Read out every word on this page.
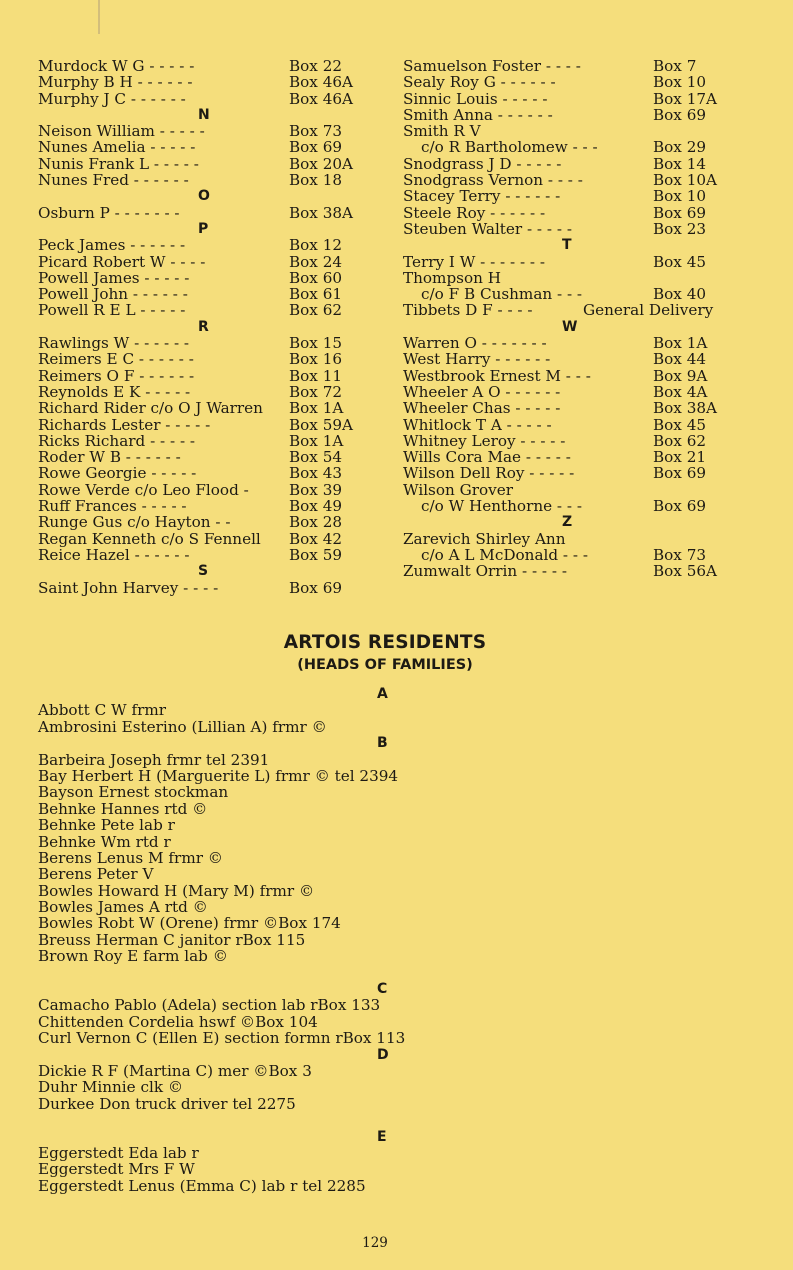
Murdock W G - - - - -	Box 22
Murphy B H - - - - - -	Box 46A
Murphy J C - - - - - -	Box 46A
N
Neison William - - - - -	Box 73
Nunes Amelia - - - - -	Box 69
Nunis Frank L - - - - -	Box 20A
Nunes Fred - - - - - -	Box 18
O
Osburn P - - - - - - -	Box 38A
P
Peck James - - - - - -	Box 12
Picard Robert W - - - -	Box 24
Powell James - - - - -	Box 60
Powell John - - - - - -	Box 61
Powell R E L - - - - -	Box 62
R
Rawlings W - - - - - -	Box 15
Reimers E C - - - - - -	Box 16
Reimers O F - - - - - -	Box 11
Reynolds E K - - - - -	Box 72
Richard Rider c/o O J Warren Box 1A
Richards Lester - - - - -	Box 59A
Ricks Richard - - - - -	Box 1A
Roder W B - - - - - -	Box 54
Rowe Georgie - - - - -	Box 43
Rowe Verde c/o Leo Flood -	Box 39
Ruff Frances - - - - -	Box 49
Runge Gus c/o Hayton - -	Box 28
Regan Kenneth c/o S Fennell Box 42
Reice Hazel - - - - - -	Box 59
S
Saint John Harvey - - - -	Box 69
Samuelson Foster - - - -	Box 7
Sealy Roy G - - - - - -	Box 10
Sinnic Louis - - - - -	Box 17A
Smith Anna - - - - - -	Box 69
Smith R V
c/o R Bartholomew - - -	Box 29
Snodgrass J D - - - - -	Box 14
Snodgrass Vernon - - - -	Box 10A
Stacey Terry - - - - - -	Box 10
Steele Roy - - - - - -	Box 69
Steuben Walter - - - - -	Box 23
T
Terry I W - - - - - - -	Box 45
Thompson H
c/o F B Cushman - - -	Box 40
Tibbets D F - - - -	General Delivery
W
Warren O - - - - - - -	Box 1A
West Harry - - - - - -	Box 44
Westbrook Ernest M - - -	Box 9A
Wheeler A O - - - - - -	Box 4A
Wheeler Chas - - - - -	Box 38A
Whitlock T A - - - - -	Box 45
Whitney Leroy - - - - -	Box 62
Wills Cora Mae - - - - -	Box 21
Wilson Dell Roy - - - - -	Box 69
Wilson Grover
c/o W Henthorne - - -	Box 69
Z
Zarevich Shirley Ann
c/o A L McDonald - - -	Box 73
Zumwalt Orrin - - - - -	Box 56A
ARTOIS RESIDENTS
(HEADS OF FAMILIES)
A
Abbott C W frmr
Ambrosini Esterino (Lillian A) frmr ©
B
Barbeira Joseph frmr tel 2391
Bay Herbert H (Marguerite L) frmr © tel 2394
Bayson Ernest stockman
Behnke Hannes rtd ©
Behnke Pete lab r
Behnke Wm rtd r
Berens Lenus M frmr ©
Berens Peter V
Bowles Howard H (Mary M) frmr ©
Bowles James A rtd ©
Bowles Robt W (Orene) frmr ©Box 174
Breuss Herman C janitor rBox 115
Brown Roy E farm lab ©
C
Camacho Pablo (Adela) section lab rBox 133
Chittenden Cordelia hswf ©Box 104
Curl Vernon C (Ellen E) section formn rBox 113
D
Dickie R F (Martina C) mer ©Box 3
Duhr Minnie clk ©
Durkee Don truck driver tel 2275
E
Eggerstedt Eda lab r
Eggerstedt Mrs F W
Eggerstedt Lenus (Emma C) lab r tel 2285
129
